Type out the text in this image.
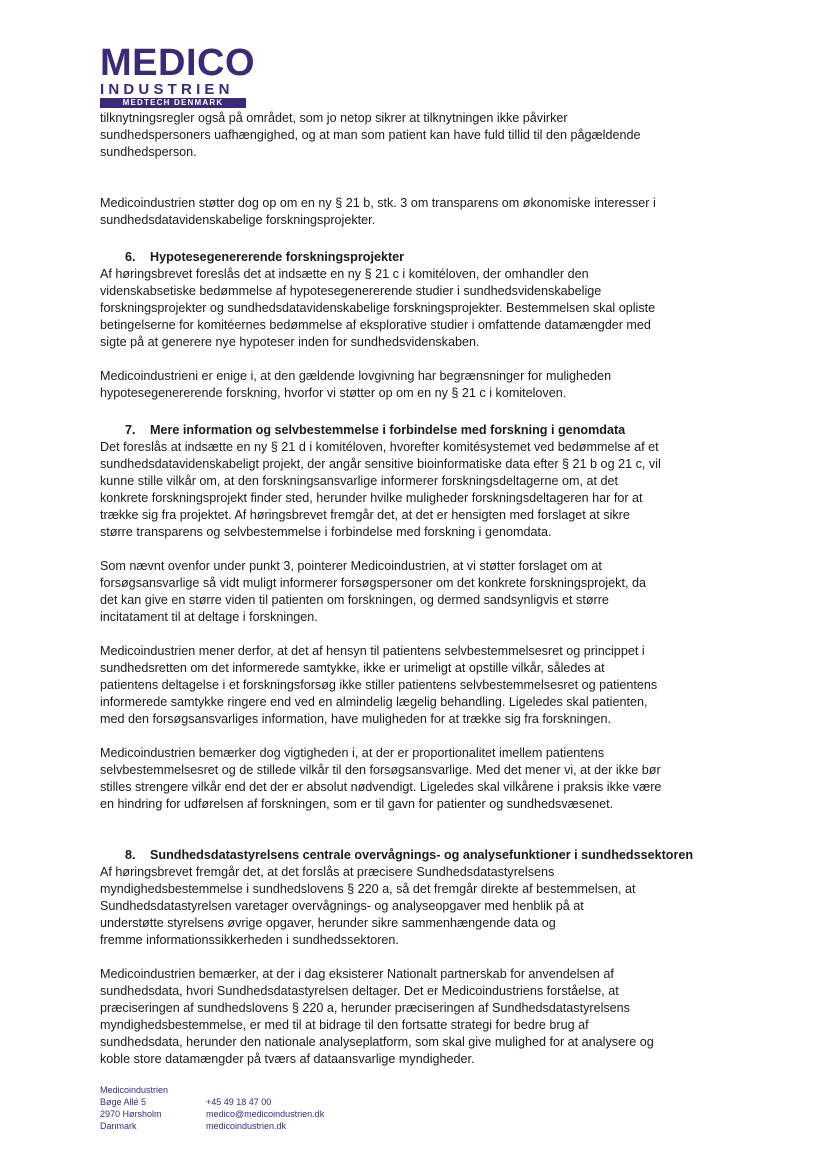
MEDICO
INDUSTRIEN
MEDTECH DENMARK

tilknytningsregler også på området, som jo netop sikrer at tilknytningen ikke påvirker
sundhedspersoners uafhængighed, og at man som patient kan have fuld tillid til den pågældende
sundhedsperson.

Medicoindustrien støtter dog op om en ny § 21 b, stk. 3 om transparens om økonomiske interesser i
sundhedsdatavidenskabelige forskningsprojekter.

6.	Hypotesegenererende forskningsprojekter

Af høringsbrevet foreslås det at indsætte en ny § 21 c i komitéloven, der omhandler den
videnskabsetiske bedømmelse af hypotesegenererende studier i sundhedsvidenskabelige
forskningsprojekter og sundhedsdatavidenskabelige forskningsprojekter. Bestemmelsen skal opliste
betingelserne for komitéernes bedømmelse af eksplorative studier i omfattende datamængder med
sigte på at generere nye hypoteser inden for sundhedsvidenskaben.

Medicoindustrieni er enige i, at den gældende lovgivning har begrænsninger for muligheden
hypotesegenererende forskning, hvorfor vi støtter op om en ny § 21 c i komiteloven.

7.	Mere information og selvbestemmelse i forbindelse med forskning i genomdata

Det foreslås at indsætte en ny § 21 d i komitéloven, hvorefter komitésystemet ved bedømmelse af et
sundhedsdatavidenskabeligt projekt, der angår sensitive bioinformatiske data efter § 21 b og 21 c, vil
kunne stille vilkår om, at den forskningsansvarlige informerer forskningsdeltagerne om, at det
konkrete forskningsprojekt finder sted, herunder hvilke muligheder forskningsdeltageren har for at
trække sig fra projektet. Af høringsbrevet fremgår det, at det er hensigten med forslaget at sikre
større transparens og selvbestemmelse i forbindelse med forskning i genomdata.

Som nævnt ovenfor under punkt 3, pointerer Medicoindustrien, at vi støtter forslaget om at
forsøgsansvarlige så vidt muligt informerer forsøgspersoner om det konkrete forskningsprojekt, da
det kan give en større viden til patienten om forskningen, og dermed sandsynligvis et større
incitatament til at deltage i forskningen.

Medicoindustrien mener derfor, at det af hensyn til patientens selvbestemmelsesret og princippet i
sundhedsretten om det informerede samtykke, ikke er urimeligt at opstille vilkår, således at
patientens deltagelse i et forskningsforsøg ikke stiller patientens selvbestemmelsesret og patientens
informerede samtykke ringere end ved en almindelig lægelig behandling. Ligeledes skal patienten,
med den forsøgsansvarliges information, have muligheden for at trække sig fra forskningen.

Medicoindustrien bemærker dog vigtigheden i, at der er proportionalitet imellem patientens
selvbestemmelsesret og de stillede vilkår til den forsøgsansvarlige. Med det mener vi, at der ikke bør
stilles strengere vilkår end det der er absolut nødvendigt. Ligeledes skal vilkårene i praksis ikke være
en hindring for udførelsen af forskningen, som er til gavn for patienter og sundhedsvæsenet.

8.	Sundhedsdatastyrelsens centrale overvågnings- og analysefunktioner i sundhedssektoren

Af høringsbrevet fremgår det, at det forslås at præcisere Sundhedsdatastyrelsens
myndighedsbestemmelse i sundhedslovens § 220 a, så det fremgår direkte af bestemmelsen, at
Sundhedsdatastyrelsen varetager overvågnings- og analyseopgaver med henblik på at
understøtte styrelsens øvrige opgaver, herunder sikre sammenhængende data og
fremme informationssikkerheden i sundhedssektoren.

Medicoindustrien bemærker, at der i dag eksisterer Nationalt partnerskab for anvendelsen af
sundhedsdata, hvori Sundhedsdatastyrelsen deltager. Det er Medicoindustriens forståelse, at
præciseringen af sundhedslovens § 220 a, herunder præciseringen af Sundhedsdatastyrelsens
myndighedsbestemmelse, er med til at bidrage til den fortsatte strategi for bedre brug af
sundhedsdata, herunder den nationale analyseplatform, som skal give mulighed for at analysere og
koble store datamængder på tværs af dataansvarlige myndigheder.

Medicoindustrien
Bøge Allé 5
2970 Hørsholm
Danmark
+45 49 18 47 00
medico@medicoindustrien.dk
medicoindustrien.dk
